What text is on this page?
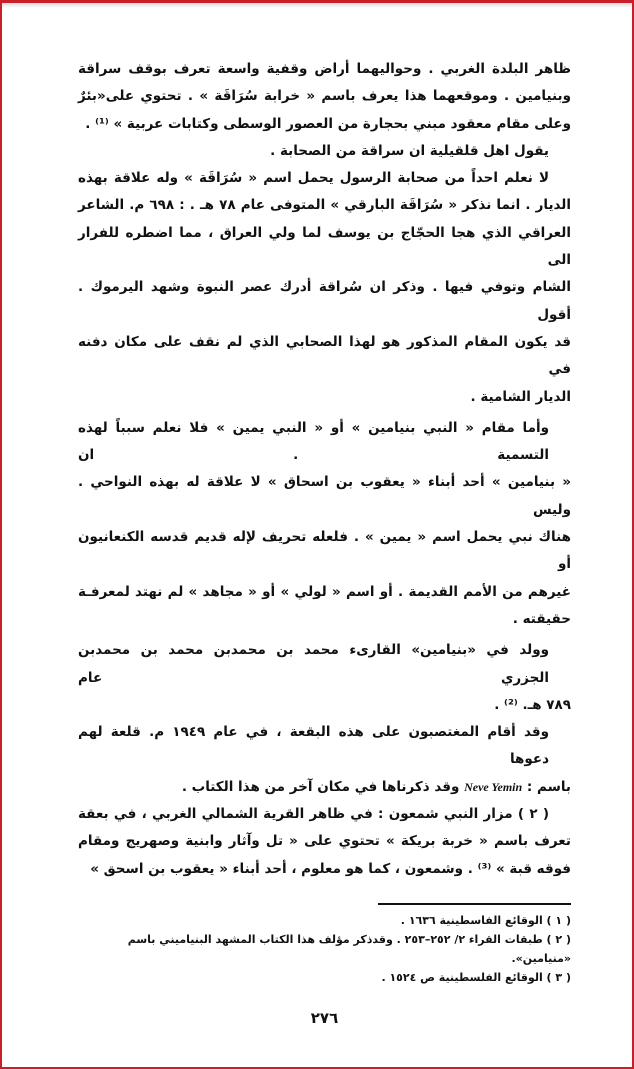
ظاهر البلدة الغربي . وحواليهما أراض وقفية واسعة تعرف بوقف سراقة
وبنيامين . وموقعهما هذا يعرف باسم « خرابة سُرَاقَة » . تحتوي على«بئرٌ
وعلى مقام معقود مبني بحجارة من العصور الوسطى وكتابات عربية » ⁽¹⁾ .
يقول اهل قلقيلية ان سراقة من الصحابة .
لا نعلم احداً من صحابة الرسول يحمل اسم « سُرَاقَة » وله علاقة بهذه
الديار . انما نذكر « سُرَاقَة البارقي » المتوفى عام ٧٨ هـ . : ٦٩٨ م. الشاعر
العراقي الذي هجا الحجّاج بن يوسف لما ولي العراق ، مما اضطره للفرار الى
الشام وتوفي فيها . وذكر ان سُراقة أدرك عصر النبوة وشهد اليرموك . أقول
قد يكون المقام المذكور هو لهذا الصحابي الذي لم نقف على مكان دفنه في
الديار الشامية .
وأما مقام « النبي بنيامين » أو « النبي يمين » فلا نعلم سبباً لهذه التسمية . ان
« بنيامين » أحد أبناء « يعقوب بن اسحاق » لا علاقة له بهذه النواحي . وليس
هناك نبي يحمل اسم « يمين » . فلعله تحريف لإله قديم قدسه الكنعانيون أو
غيرهم من الأمم القديمة . أو اسم « لولي » أو « مجاهد » لم نهتد لمعرفـة
حقيقته .
وولد في «بنيامين» القارىء محمد بن محمدبن محمد بن محمدبن الجزري عام
٧٨٩ هـ. ⁽²⁾ .
وقد أقام المغتصبون على هذه البقعة ، في عام ١٩٤٩ م. قلعة لهم دعوها
باسم : Neve Yemin وقد ذكرناها في مكان آخر من هذا الكتاب .
( ٢ ) مزار النبي شمعون : في ظاهر القرية الشمالي الغربي ، في بعقة
تعرف باسم « خربة بريكة » تحتوي على « تل وآثار وابنية وصهريج ومقام
فوقه قبة » ⁽³⁾ . وشمعون ، كما هو معلوم ، أحد أبناء « يعقوب بن اسحق »
( ١ ) الوقائع الفاسطينية ١٦٣٦ .
( ٢ ) طبقات القراء ٢/ ٢٥٢–٢٥٣ . وقدذكر مؤلف هذا الكتاب المشهد البنياميني باسم «منيامين».
( ٣ ) الوقائع الفلسطينية ص ١٥٢٤ .
٢٧٦
